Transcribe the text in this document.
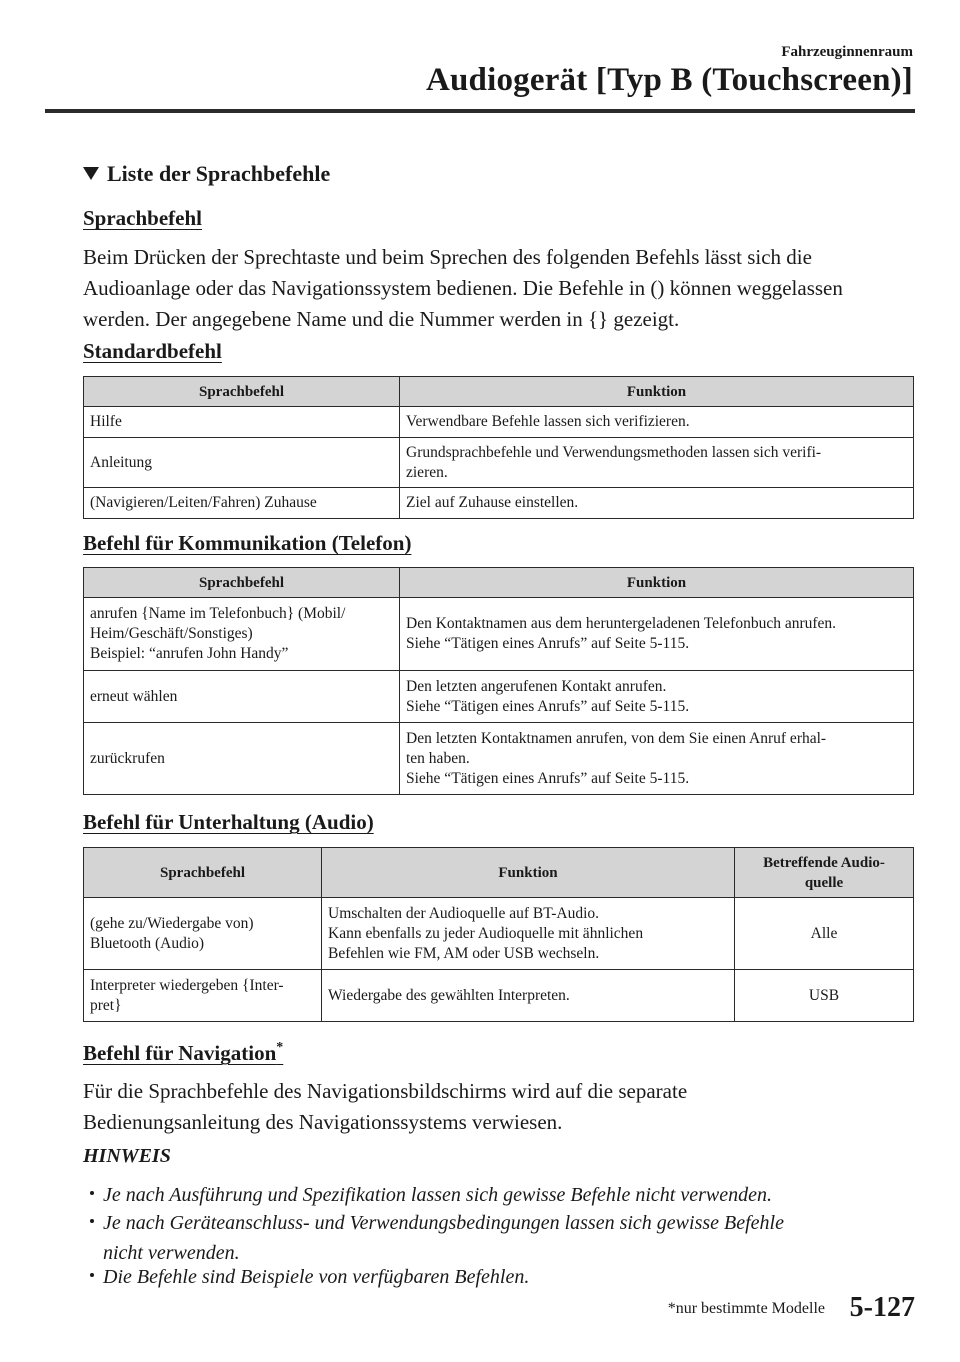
Fahrzeuginnenraum
Audiogerät [Typ B (Touchscreen)]
Liste der Sprachbefehle
Sprachbefehl
Beim Drücken der Sprechtaste und beim Sprechen des folgenden Befehls lässt sich die
Audioanlage oder das Navigationssystem bedienen. Die Befehle in () können weggelassen
werden. Der angegebene Name und die Nummer werden in {} gezeigt.
Standardbefehl
Sprachbefehl	Funktion

Hilfe	Verwendbare Befehle lassen sich verifizieren.

Anleitung	Grundsprachbefehle und Verwendungsmethoden lassen sich verifi-
zieren.

(Navigieren/Leiten/Fahren) Zuhause	Ziel auf Zuhause einstellen.
Befehl für Kommunikation (Telefon)
Sprachbefehl	Funktion

anrufen {Name im Telefonbuch} (Mobil/
Heim/Geschäft/Sonstiges)
Beispiel: “anrufen John Handy”	Den Kontaktnamen aus dem heruntergeladenen Telefonbuch anrufen.
Siehe “Tätigen eines Anrufs” auf Seite 5-115.

erneut wählen	Den letzten angerufenen Kontakt anrufen.
Siehe “Tätigen eines Anrufs” auf Seite 5-115.

zurückrufen	Den letzten Kontaktnamen anrufen, von dem Sie einen Anruf erhal-
ten haben.
Siehe “Tätigen eines Anrufs” auf Seite 5-115.
Befehl für Unterhaltung (Audio)
Sprachbefehl	Funktion	Betreffende Audio-
quelle

(gehe zu/Wiedergabe von)
Bluetooth (Audio)	Umschalten der Audioquelle auf BT-Audio.
Kann ebenfalls zu jeder Audioquelle mit ähnlichen
Befehlen wie FM, AM oder USB wechseln.	Alle

Interpreter wiedergeben {Inter-
pret}	Wiedergabe des gewählten Interpreten.	USB
Befehl für Navigation*
Für die Sprachbefehle des Navigationsbildschirms wird auf die separate
Bedienungsanleitung des Navigationssystems verwiesen.
HINWEIS
Je nach Ausführung und Spezifikation lassen sich gewisse Befehle nicht verwenden.
Je nach Geräteanschluss- und Verwendungsbedingungen lassen sich gewisse Befehle
nicht verwenden.
Die Befehle sind Beispiele von verfügbaren Befehlen.
*nur bestimmte Modelle 5-127
